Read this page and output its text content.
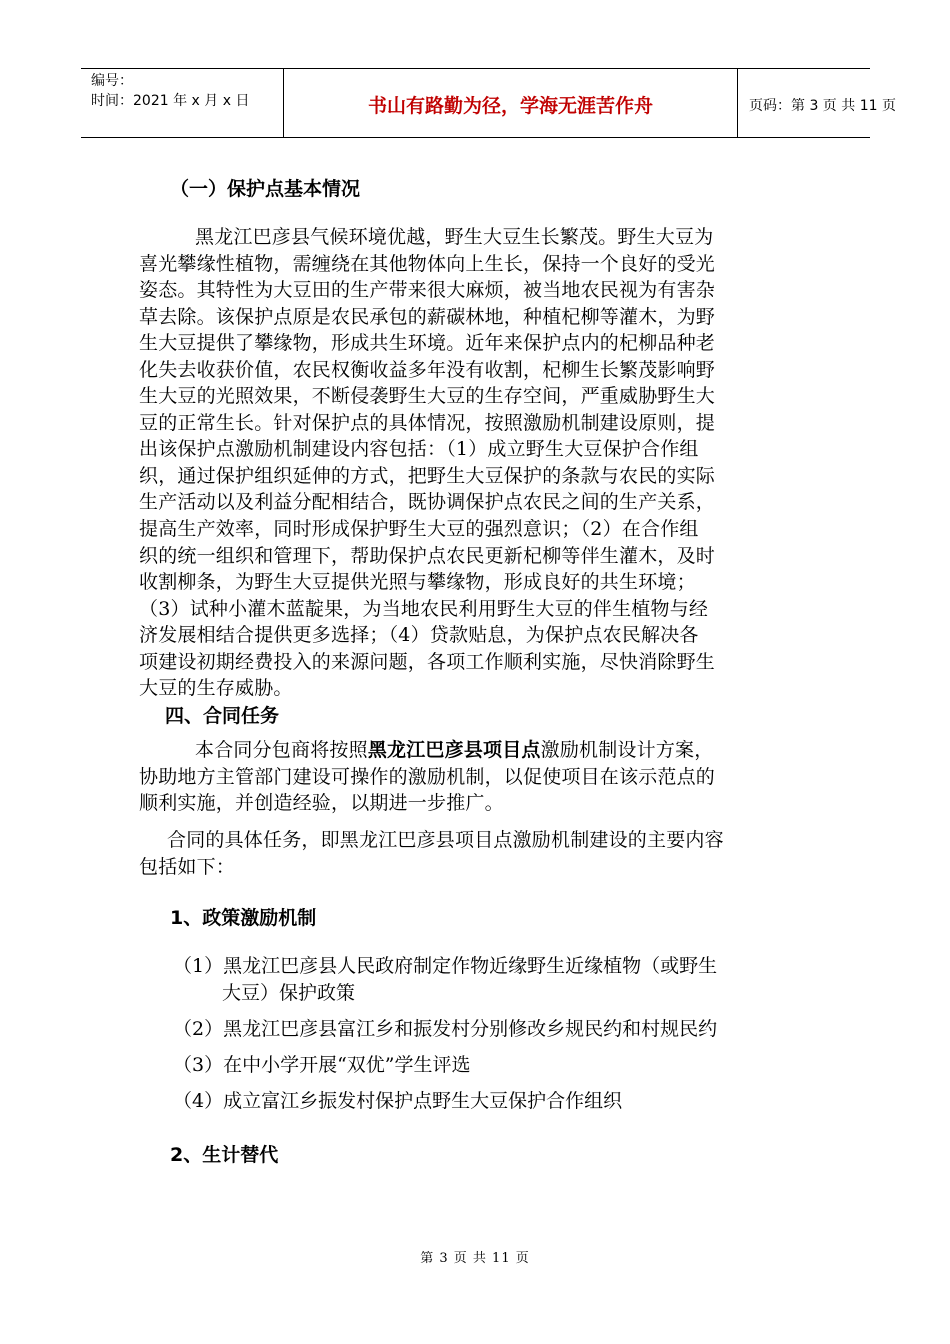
编号：
时间：2021 年 x 月 x 日	书山有路勤为径，学海无涯苦作舟	页码：第 3 页 共 11 页
（一）保护点基本情况
黑龙江巴彦县气候环境优越，野生大豆生长繁茂。野生大豆为
喜光攀缘性植物，需缠绕在其他物体向上生长，保持一个良好的受光
姿态。其特性为大豆田的生产带来很大麻烦，被当地农民视为有害杂
草去除。该保护点原是农民承包的薪碳林地，种植杞柳等灌木，为野
生大豆提供了攀缘物，形成共生环境。近年来保护点内的杞柳品种老
化失去收获价值，农民权衡收益多年没有收割，杞柳生长繁茂影响野
生大豆的光照效果，不断侵袭野生大豆的生存空间，严重威胁野生大
豆的正常生长。针对保护点的具体情况，按照激励机制建设原则，提
出该保护点激励机制建设内容包括：（1）成立野生大豆保护合作组
织，通过保护组织延伸的方式，把野生大豆保护的条款与农民的实际
生产活动以及利益分配相结合，既协调保护点农民之间的生产关系，
提高生产效率，同时形成保护野生大豆的强烈意识；（2）在合作组
织的统一组织和管理下，帮助保护点农民更新杞柳等伴生灌木，及时
收割柳条，为野生大豆提供光照与攀缘物，形成良好的共生环境；
（3）试种小灌木蓝靛果，为当地农民利用野生大豆的伴生植物与经
济发展相结合提供更多选择；（4）贷款贴息，为保护点农民解决各
项建设初期经费投入的来源问题，各项工作顺利实施，尽快消除野生
大豆的生存威胁。
四、合同任务
本合同分包商将按照黑龙江巴彦县项目点激励机制设计方案，
协助地方主管部门建设可操作的激励机制，以促使项目在该示范点的
顺利实施，并创造经验，以期进一步推广。
合同的具体任务，即黑龙江巴彦县项目点激励机制建设的主要内容
包括如下：
1、政策激励机制
（1）黑龙江巴彦县人民政府制定作物近缘野生近缘植物（或野生
大豆）保护政策
（2）黑龙江巴彦县富江乡和振发村分别修改乡规民约和村规民约
（3）在中小学开展“双优”学生评选
（4）成立富江乡振发村保护点野生大豆保护合作组织
2、生计替代
第 3 页 共 11 页
